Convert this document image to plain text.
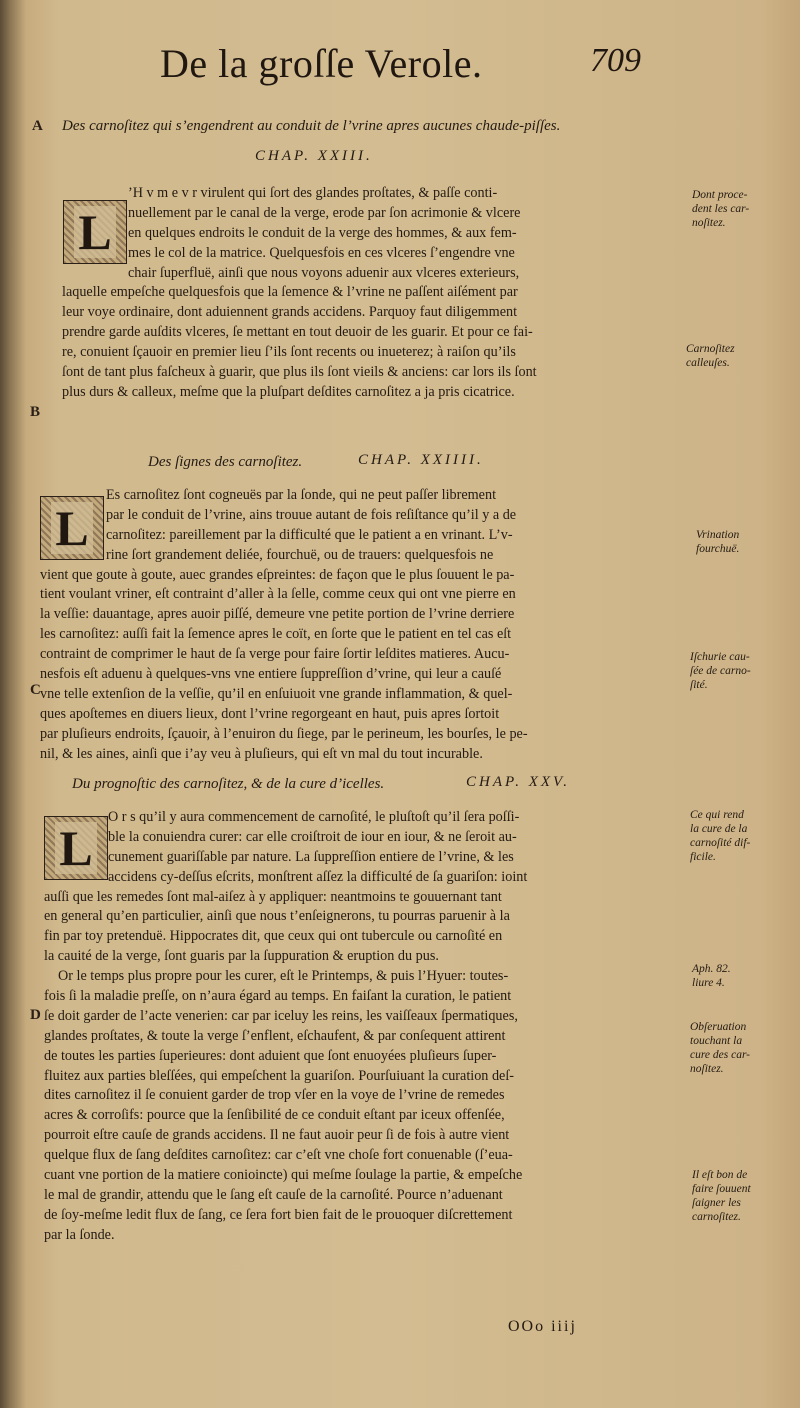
De la groſſe Verole.	709
A
B
C
D
Des carnoſitez qui s’engendrent au conduit de l’vrine apres aucunes chaude-piſſes.
CHAP. XXIII.
L
’H v m e v r virulent qui ſort des glandes proſtates, & paſſe conti-
nuellement par le canal de la verge, erode par ſon acrimonie & vlcere
en quelques endroits le conduit de la verge des hommes, & aux fem-
mes le col de la matrice. Quelquesfois en ces vlceres ſ’engendre vne
chair ſuperfluë, ainſi que nous voyons aduenir aux vlceres exterieurs,
laquelle empeſche quelquesfois que la ſemence & l’vrine ne paſſent aiſément par
leur voye ordinaire, dont aduiennent grands accidens. Parquoy faut diligemment
prendre garde auſdits vlceres, ſe mettant en tout deuoir de les guarir. Et pour ce fai-
re, conuient ſçauoir en premier lieu ſ’ils ſont recents ou inueterez; à raiſon qu’ils
ſont de tant plus faſcheux à guarir, que plus ils ſont vieils & anciens: car lors ils ſont
plus durs & calleux, meſme que la pluſpart deſdites carnoſitez a ja pris cicatrice.
Dont proce-
dent les car-
noſitez.
Carnoſitez
calleuſes.
Des ſignes des carnoſitez.	CHAP. XXIIII.
L
Es carnoſitez ſont cogneuës par la ſonde, qui ne peut paſſer librement
par le conduit de l’vrine, ains trouue autant de fois reſiſtance qu’il y a de
carnoſitez: pareillement par la difficulté que le patient a en vrinant. L’v-
rine ſort grandement deliée, fourchuë, ou de trauers: quelquesfois ne
vient que goute à goute, auec grandes eſpreintes: de façon que le plus ſouuent le pa-
tient voulant vriner, eſt contraint d’aller à la ſelle, comme ceux qui ont vne pierre en
la veſſie: dauantage, apres auoir piſſé, demeure vne petite portion de l’vrine derriere
les carnoſitez: auſſi fait la ſemence apres le coït, en ſorte que le patient en tel cas eſt
contraint de comprimer le haut de ſa verge pour faire ſortir leſdites matieres. Aucu-
nesfois eſt aduenu à quelques-vns vne entiere ſuppreſſion d’vrine, qui leur a cauſé
vne telle extenſion de la veſſie, qu’il en enſuiuoit vne grande inflammation, & quel-
ques apoſtemes en diuers lieux, dont l’vrine regorgeant en haut, puis apres ſortoit
par pluſieurs endroits, ſçauoir, à l’enuiron du ſiege, par le perineum, les bourſes, le pe-
nil, & les aines, ainſi que i’ay veu à pluſieurs, qui eſt vn mal du tout incurable.
Vrination
fourchuë.
Iſchurie cau-
ſée de carno-
ſité.
Du prognoſtic des carnoſitez, & de la cure d’icelles.	CHAP. XXV.
L
O r s qu’il y aura commencement de carnoſité, le pluſtoſt qu’il ſera poſſi-
ble la conuiendra curer: car elle croiſtroit de iour en iour, & ne ſeroit au-
cunement guariſſable par nature. La ſuppreſſion entiere de l’vrine, & les
accidens cy-deſſus eſcrits, monſtrent aſſez la difficulté de ſa guariſon: ioint
auſſi que les remedes ſont mal-aiſez à y appliquer: neantmoins te gouuernant tant
en general qu’en particulier, ainſi que nous t’enſeignerons, tu pourras paruenir à la
fin par toy pretenduë. Hippocrates dit, que ceux qui ont tubercule ou carnoſité en
la cauité de la verge, ſont guaris par la ſuppuration & eruption du pus.
Or le temps plus propre pour les curer, eſt le Printemps, & puis l’Hyuer: toutes-
fois ſi la maladie preſſe, on n’aura égard au temps. En faiſant la curation, le patient
ſe doit garder de l’acte venerien: car par iceluy les reins, les vaiſſeaux ſpermatiques,
glandes proſtates, & toute la verge ſ’enflent, eſchaufent, & par conſequent attirent
de toutes les parties ſuperieures: dont aduient que ſont enuoyées pluſieurs ſuper-
fluitez aux parties bleſſées, qui empeſchent la guariſon. Pourſuiuant la curation deſ-
dites carnoſitez il ſe conuient garder de trop vſer en la voye de l’vrine de remedes
acres & corroſifs: pource que la ſenſibilité de ce conduit eſtant par iceux offenſée,
pourroit eſtre cauſe de grands accidens. Il ne faut auoir peur ſi de fois à autre vient
quelque flux de ſang deſdites carnoſitez: car c’eſt vne choſe fort conuenable (ſ’eua-
cuant vne portion de la matiere conioincte) qui meſme ſoulage la partie, & empeſche
le mal de grandir, attendu que le ſang eſt cauſe de la carnoſité. Pource n’aduenant
de ſoy-meſme ledit flux de ſang, ce ſera fort bien fait de le prouoquer diſcrettement
par la ſonde.
Ce qui rend
la cure de la
carnoſité dif-
ficile.
Aph. 82.
liure 4.
Obſeruation
touchant la
cure des car-
noſitez.
Il eſt bon de
faire ſouuent
ſaigner les
carnoſitez.
OOo iiij
